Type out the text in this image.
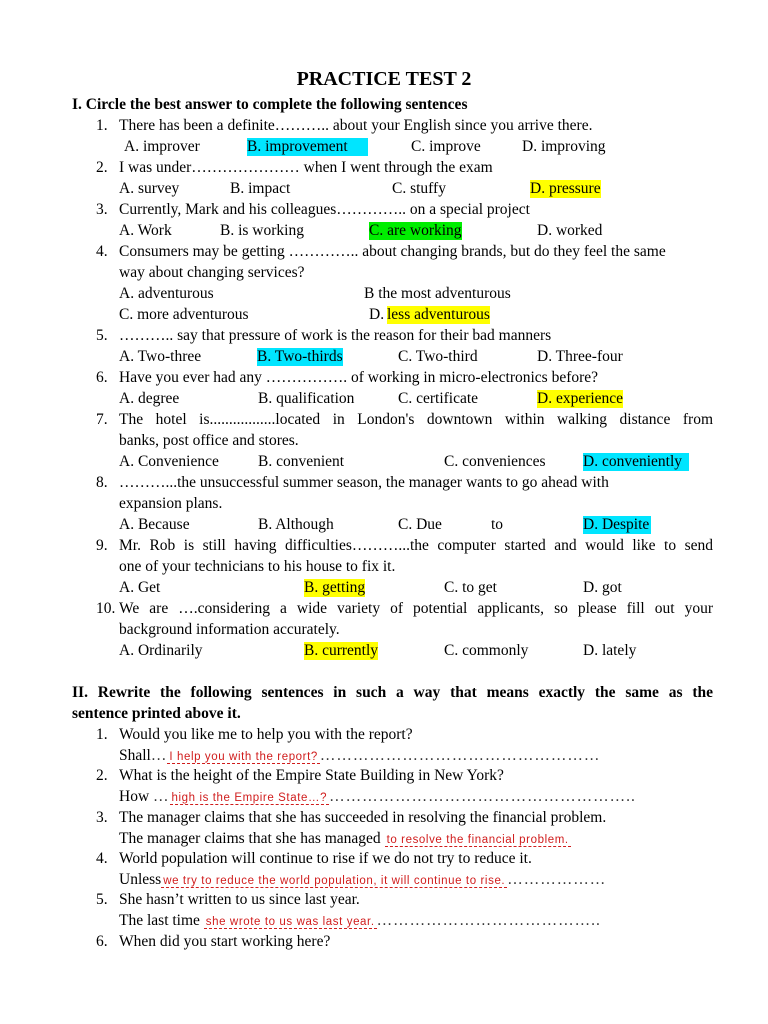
PRACTICE TEST 2
I. Circle the best answer to complete the following sentences
1. There has been a definite……….. about your English since you arrive there.
A. improver	B. improvement	C. improve	D. improving
2. I was under………………… when I went through the exam
A. survey	B. impact	C. stuffy	D. pressure
3. Currently, Mark and his colleagues………….. on a special project
A. Work	B. is working	C. are working	D. worked
4. Consumers may be getting ………….. about changing brands, but do they feel the same
way about changing services?
A. adventurous	B the most adventurous
C. more adventurous	D. less adventurous
5. ……….. say that pressure of work is the reason for their bad manners
A. Two-three	B. Two-thirds	C. Two-third	D. Three-four
6. Have you ever had any ……………. of working in micro-electronics before?
A. degree	B. qualification	C. certificate	D. experience
7. The hotel is.................located in London's downtown within walking distance from
banks, post office and stores.
A. Convenience	B. convenient	C. conveniences D. conveniently
8. ………...the unsuccessful summer season, the manager wants to go ahead with
expansion plans.
A. Because	B. Although	C. Due	to	D. Despite
9. Mr. Rob is still having difficulties………...the computer started and would like to send
one of your technicians to his house to fix it.
A. Get	B. getting	C. to get	D. got
10. We are ….considering a wide variety of potential applicants, so please fill out your
background information accurately.
A. Ordinarily	B. currently	C. commonly	D. lately
II. Rewrite the following sentences in such a way that means exactly the same as the
sentence printed above it.
1. Would you like me to help you with the report?
Shall… I help you with the report? ……………………………………………
2. What is the height of the Empire State Building in New York?
How … high is the Empire State…? ………………………………………………..
3. The manager claims that she has succeeded in resolving the financial problem.
The manager claims that she has managed to resolve the financial problem.
4. World population will continue to rise if we do not try to reduce it.
Unless we try to reduce the world population, it will continue to rise. ………………
5. She hasn’t written to us since last year.
The last time she wrote to us was last year. …………………………………..
6. When did you start working here?
